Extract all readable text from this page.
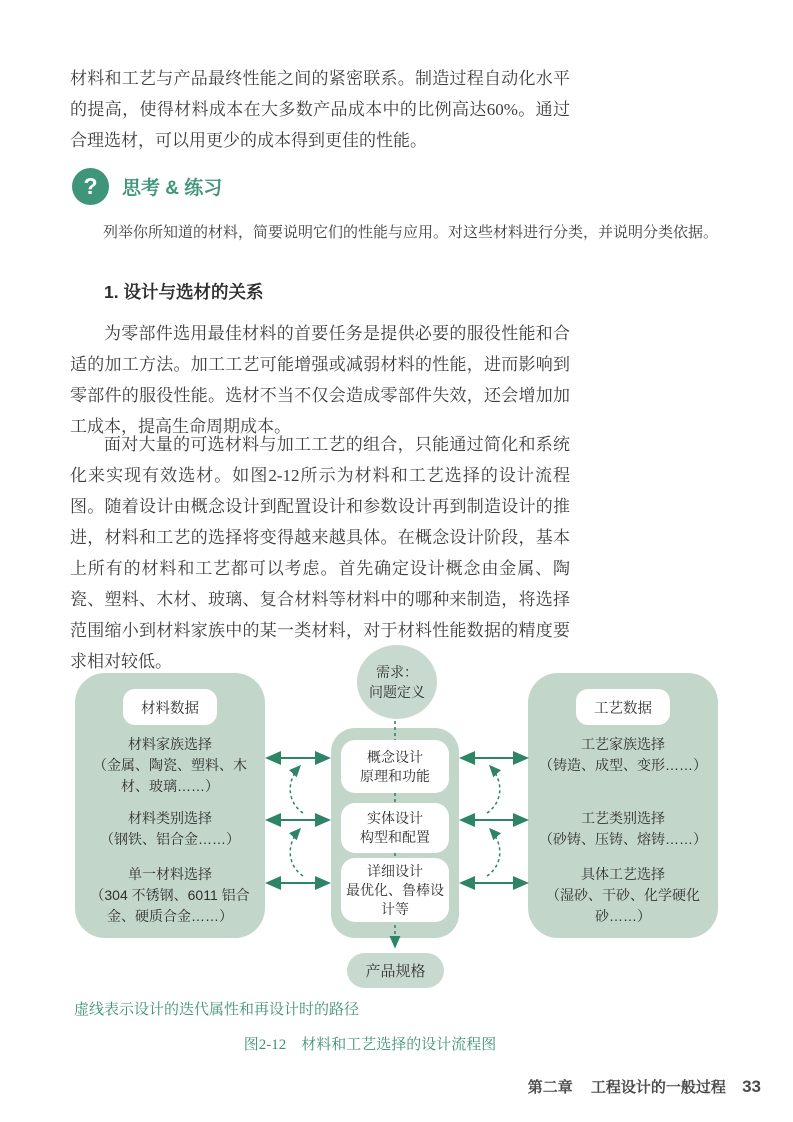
材料和工艺与产品最终性能之间的紧密联系。制造过程自动化水平的提高，使得材料成本在大多数产品成本中的比例高达60%。通过合理选材，可以用更少的成本得到更佳的性能。

? 思考 & 练习

列举你所知道的材料，简要说明它们的性能与应用。对这些材料进行分类，并说明分类依据。

1. 设计与选材的关系

为零部件选用最佳材料的首要任务是提供必要的服役性能和合适的加工方法。加工工艺可能增强或减弱材料的性能，进而影响到零部件的服役性能。选材不当不仅会造成零部件失效，还会增加加工成本，提高生命周期成本。

面对大量的可选材料与加工工艺的组合，只能通过简化和系统化来实现有效选材。如图2-12所示为材料和工艺选择的设计流程图。随着设计由概念设计到配置设计和参数设计再到制造设计的推进，材料和工艺的选择将变得越来越具体。在概念设计阶段，基本上所有的材料和工艺都可以考虑。首先确定设计概念由金属、陶瓷、塑料、木材、玻璃、复合材料等材料中的哪种来制造，将选择范围缩小到材料家族中的某一类材料，对于材料性能数据的精度要求相对较低。

材料数据
材料家族选择
（金属、陶瓷、塑料、木材、玻璃……）
材料类别选择
（钢铁、铝合金……）
单一材料选择
（304 不锈钢、6011 铝合金、硬质合金……）
工艺数据
工艺家族选择
（铸造、成型、变形……）
工艺类别选择
（砂铸、压铸、熔铸……）
具体工艺选择
（湿砂、干砂、化学硬化砂……）
需求：
问题定义
概念设计
原理和功能
实体设计
构型和配置
详细设计
最优化、鲁棒设计等
产品规格

虚线表示设计的迭代属性和再设计时的路径

图2-12　材料和工艺选择的设计流程图

第二章 工程设计的一般过程 33
